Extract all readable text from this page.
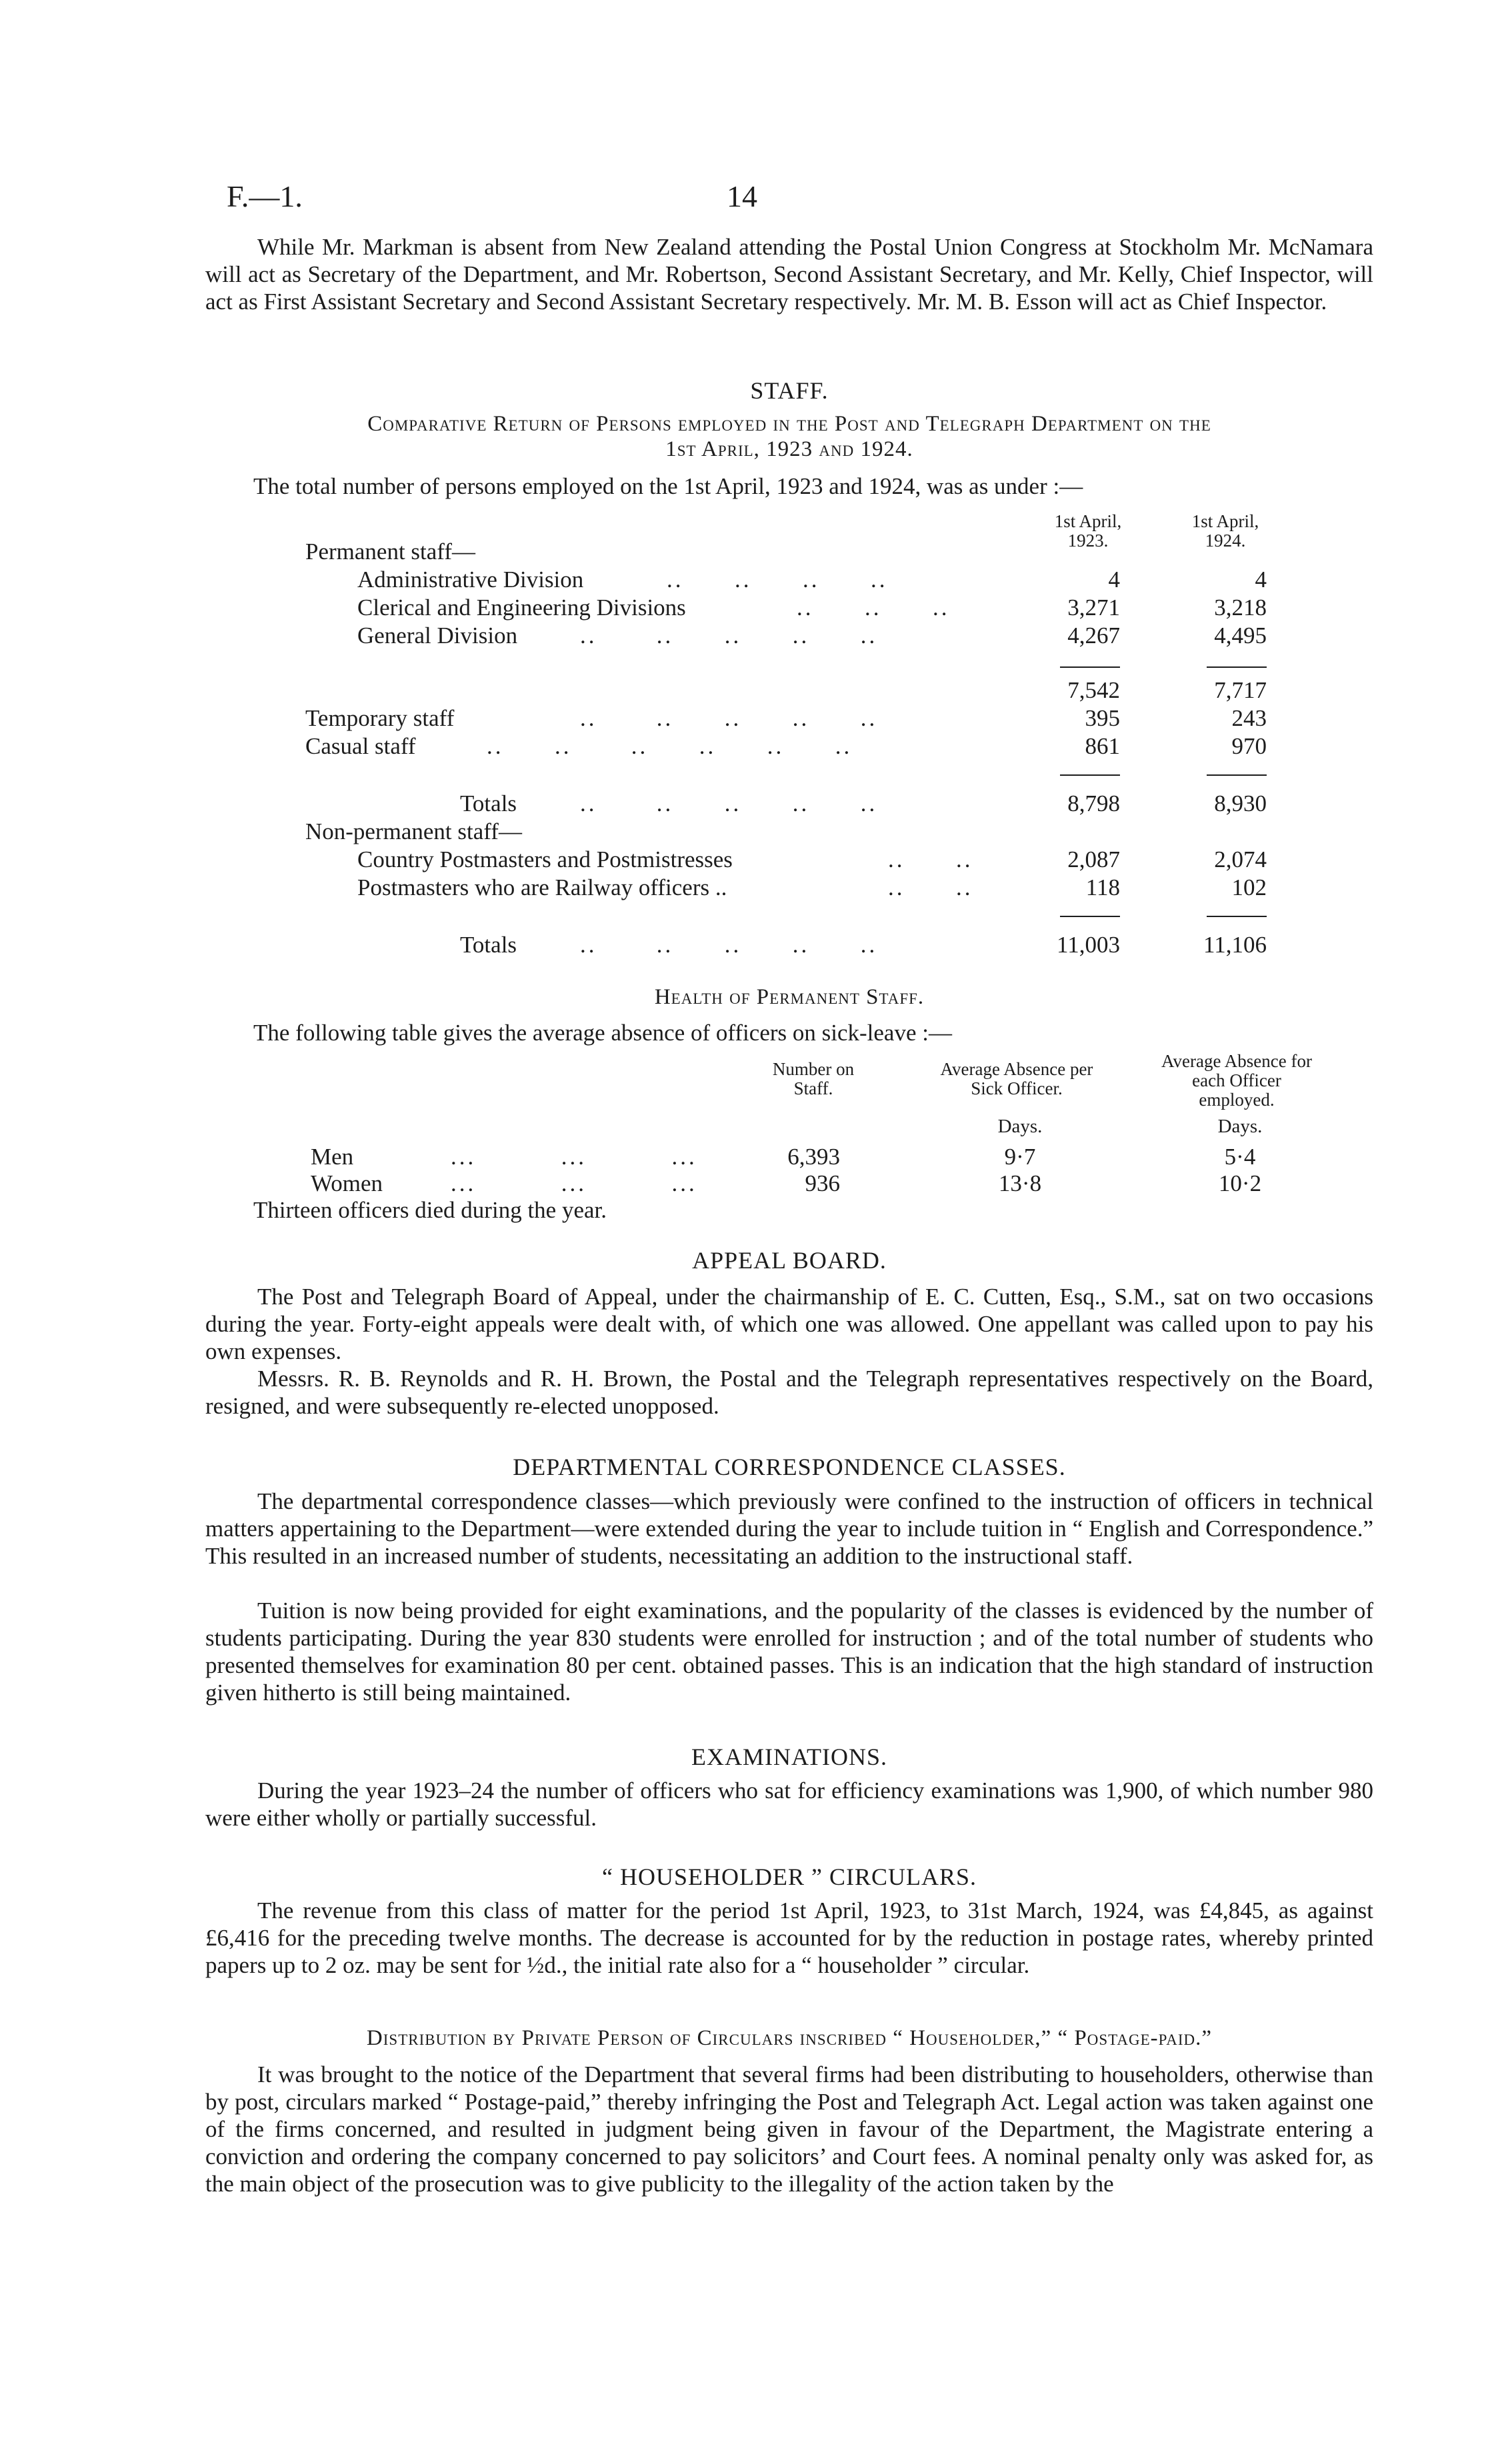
F.—1.	14

While Mr. Markman is absent from New Zealand attending the Postal Union Congress at Stockholm Mr. McNamara will act as Secretary of the Department, and Mr. Robertson, Second Assistant Secretary, and Mr. Kelly, Chief Inspector, will act as First Assistant Secretary and Second Assistant Secretary respectively. Mr. M. B. Esson will act as Chief Inspector.

STAFF.
Comparative Return of Persons employed in the Post and Telegraph Department on the
1st April, 1923 and 1924.
The total number of persons employed on the 1st April, 1923 and 1924, was as under :—
1st April,
1923.
1st April,
1924.
Permanent staff—
Administrative Division	..      ..      ..      ..	4	4
Clerical and Engineering Divisions	..      ..      ..	3,271	3,218
General Division	..       ..      ..      ..      ..	4,267	4,495
7,542	7,717
Temporary staff	..       ..      ..      ..      ..	395	243
Casual staff	..      ..       ..      ..      ..      ..	861	970
Totals	..       ..      ..      ..      ..	8,798	8,930
Non-permanent staff—
Country Postmasters and Postmistresses	..      ..	2,087	2,074
Postmasters who are Railway officers ..	..      ..	118	102
Totals	..       ..      ..      ..      ..	11,003	11,106
Health of Permanent Staff.
The following table gives the average absence of officers on sick-leave :—
Number on Staff.
Average Absence per Sick Officer.
Average Absence for each Officer employed.
Days.	Days.
Men	...          ...          ...	6,393	9·7	5·4
Women	...          ...          ...	936	13·8	10·2
Thirteen officers died during the year.
APPEAL BOARD.

The Post and Telegraph Board of Appeal, under the chairmanship of E. C. Cutten, Esq., S.M., sat on two occasions during the year. Forty-eight appeals were dealt with, of which one was allowed. One appellant was called upon to pay his own expenses.

Messrs. R. B. Reynolds and R. H. Brown, the Postal and the Telegraph representatives respectively on the Board, resigned, and were subsequently re-elected unopposed.

DEPARTMENTAL CORRESPONDENCE CLASSES.

The departmental correspondence classes—which previously were confined to the instruction of officers in technical matters appertaining to the Department—were extended during the year to include tuition in “ English and Correspondence.” This resulted in an increased number of students, necessitating an addition to the instructional staff.

Tuition is now being provided for eight examinations, and the popularity of the classes is evidenced by the number of students participating. During the year 830 students were enrolled for instruction ; and of the total number of students who presented themselves for examination 80 per cent. obtained passes. This is an indication that the high standard of instruction given hitherto is still being maintained.

EXAMINATIONS.

During the year 1923–24 the number of officers who sat for efficiency examinations was 1,900, of which number 980 were either wholly or partially successful.

“ HOUSEHOLDER ” CIRCULARS.

The revenue from this class of matter for the period 1st April, 1923, to 31st March, 1924, was £4,845, as against £6,416 for the preceding twelve months. The decrease is accounted for by the reduction in postage rates, whereby printed papers up to 2 oz. may be sent for ½d., the initial rate also for a “ householder ” circular.

Distribution by Private Person of Circulars inscribed “ Householder,” “ Postage-paid.”

It was brought to the notice of the Department that several firms had been distributing to householders, otherwise than by post, circulars marked “ Postage-paid,” thereby infringing the Post and Telegraph Act. Legal action was taken against one of the firms concerned, and resulted in judgment being given in favour of the Department, the Magistrate entering a conviction and ordering the company concerned to pay solicitors’ and Court fees. A nominal penalty only was asked for, as the main object of the prosecution was to give publicity to the illegality of the action taken by the
